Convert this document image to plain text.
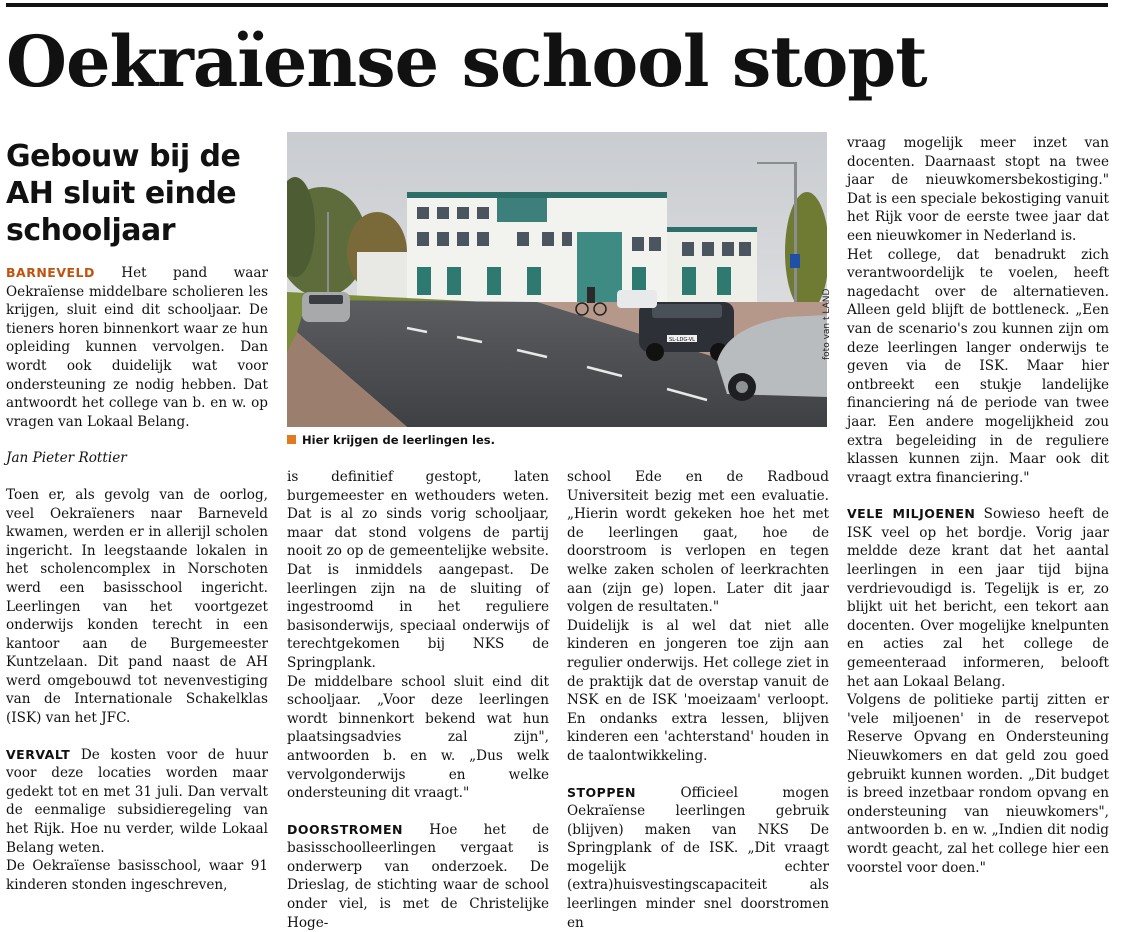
Oekraïense school stopt
Gebouw bij de AH sluit einde schooljaar

BARNEVELD Het pand waar Oekraïense middelbare scholieren les krijgen, sluit eind dit schooljaar. De tieners horen binnenkort waar ze hun opleiding kunnen vervolgen. Dan wordt ook duidelijk wat voor ondersteuning ze nodig hebben. Dat antwoordt het college van b. en w. op vragen van Lokaal Belang.

Jan Pieter Rottier

Toen er, als gevolg van de oorlog, veel Oekraïeners naar Barneveld kwamen, werden er in allerijl scholen ingericht. In leegstaande lokalen in het scholencomplex in Norschoten werd een basisschool ingericht. Leerlingen van het voortgezet onderwijs konden terecht in een kantoor aan de Burgemeester Kuntzelaan. Dit pand naast de AH werd omgebouwd tot nevenvestiging van de Internationale Schakelklas (ISK) van het JFC.

VERVALT De kosten voor de huur voor deze locaties worden maar gedekt tot en met 31 juli. Dan vervalt de eenmalige subsidieregeling van het Rijk. Hoe nu verder, wilde Lokaal Belang weten.

De Oekraïense basisschool, waar 91 kinderen stonden ingeschreven,

SL-LDG-VL	foto van t LAND
Hier krijgen de leerlingen les.

is definitief gestopt, laten burgemeester en wethouders weten. Dat is al zo sinds vorig schooljaar, maar dat stond volgens de partij nooit zo op de gemeentelijke website. Dat is inmiddels aangepast. De leerlingen zijn na de sluiting of ingestroomd in het reguliere basisonderwijs, speciaal onderwijs of terechtgekomen bij NKS de Springplank.

De middelbare school sluit eind dit schooljaar. „Voor deze leerlingen wordt binnenkort bekend wat hun plaatsingsadvies zal zijn", antwoorden b. en w. „Dus welk vervolgonderwijs en welke ondersteuning dit vraagt."

DOORSTROMEN Hoe het de basisschoolleerlingen vergaat is onderwerp van onderzoek. De Drieslag, de stichting waar de school onder viel, is met de Christelijke Hoge-

school Ede en de Radboud Universiteit bezig met een evaluatie. „Hierin wordt gekeken hoe het met de leerlingen gaat, hoe de doorstroom is verlopen en tegen welke zaken scholen of leerkrachten aan (zijn ge) lopen. Later dit jaar volgen de resultaten."

Duidelijk is al wel dat niet alle kinderen en jongeren toe zijn aan regulier onderwijs. Het college ziet in de praktijk dat de overstap vanuit de NSK en de ISK 'moeizaam' verloopt. En ondanks extra lessen, blijven kinderen een 'achterstand' houden in de taalontwikkeling.

STOPPEN	Officieel mogen Oekraïense leerlingen gebruik (blijven) maken van NKS De Springplank of de ISK. „Dit vraagt mogelijk echter (extra)huisvestingscapaciteit als leerlingen minder snel doorstromen en

vraag mogelijk meer inzet van docenten. Daarnaast stopt na twee jaar de nieuwkomersbekostiging." Dat is een speciale bekostiging vanuit het Rijk voor de eerste twee jaar dat een nieuwkomer in Nederland is.

Het college, dat benadrukt zich verantwoordelijk te voelen, heeft nagedacht over de alternatieven. Alleen geld blijft de bottleneck. „Een van de scenario's zou kunnen zijn om deze leerlingen langer onderwijs te geven via de ISK. Maar hier ontbreekt een stukje landelijke financiering ná de periode van twee jaar. Een andere mogelijkheid zou extra begeleiding in de reguliere klassen kunnen zijn. Maar ook dit vraagt extra financiering."

VELE MILJOENEN Sowieso heeft de ISK veel op het bordje. Vorig jaar meldde deze krant dat het aantal leerlingen in een jaar tijd bijna verdrievoudigd is. Tegelijk is er, zo blijkt uit het bericht, een tekort aan docenten. Over mogelijke knelpunten en acties zal het college de gemeenteraad informeren, belooft het aan Lokaal Belang.

Volgens de politieke partij zitten er 'vele miljoenen' in de reservepot Reserve Opvang en Ondersteuning Nieuwkomers en dat geld zou goed gebruikt kunnen worden. „Dit budget is breed inzetbaar rondom opvang en ondersteuning van nieuwkomers", antwoorden b. en w. „Indien dit nodig wordt geacht, zal het college hier een voorstel voor doen."
